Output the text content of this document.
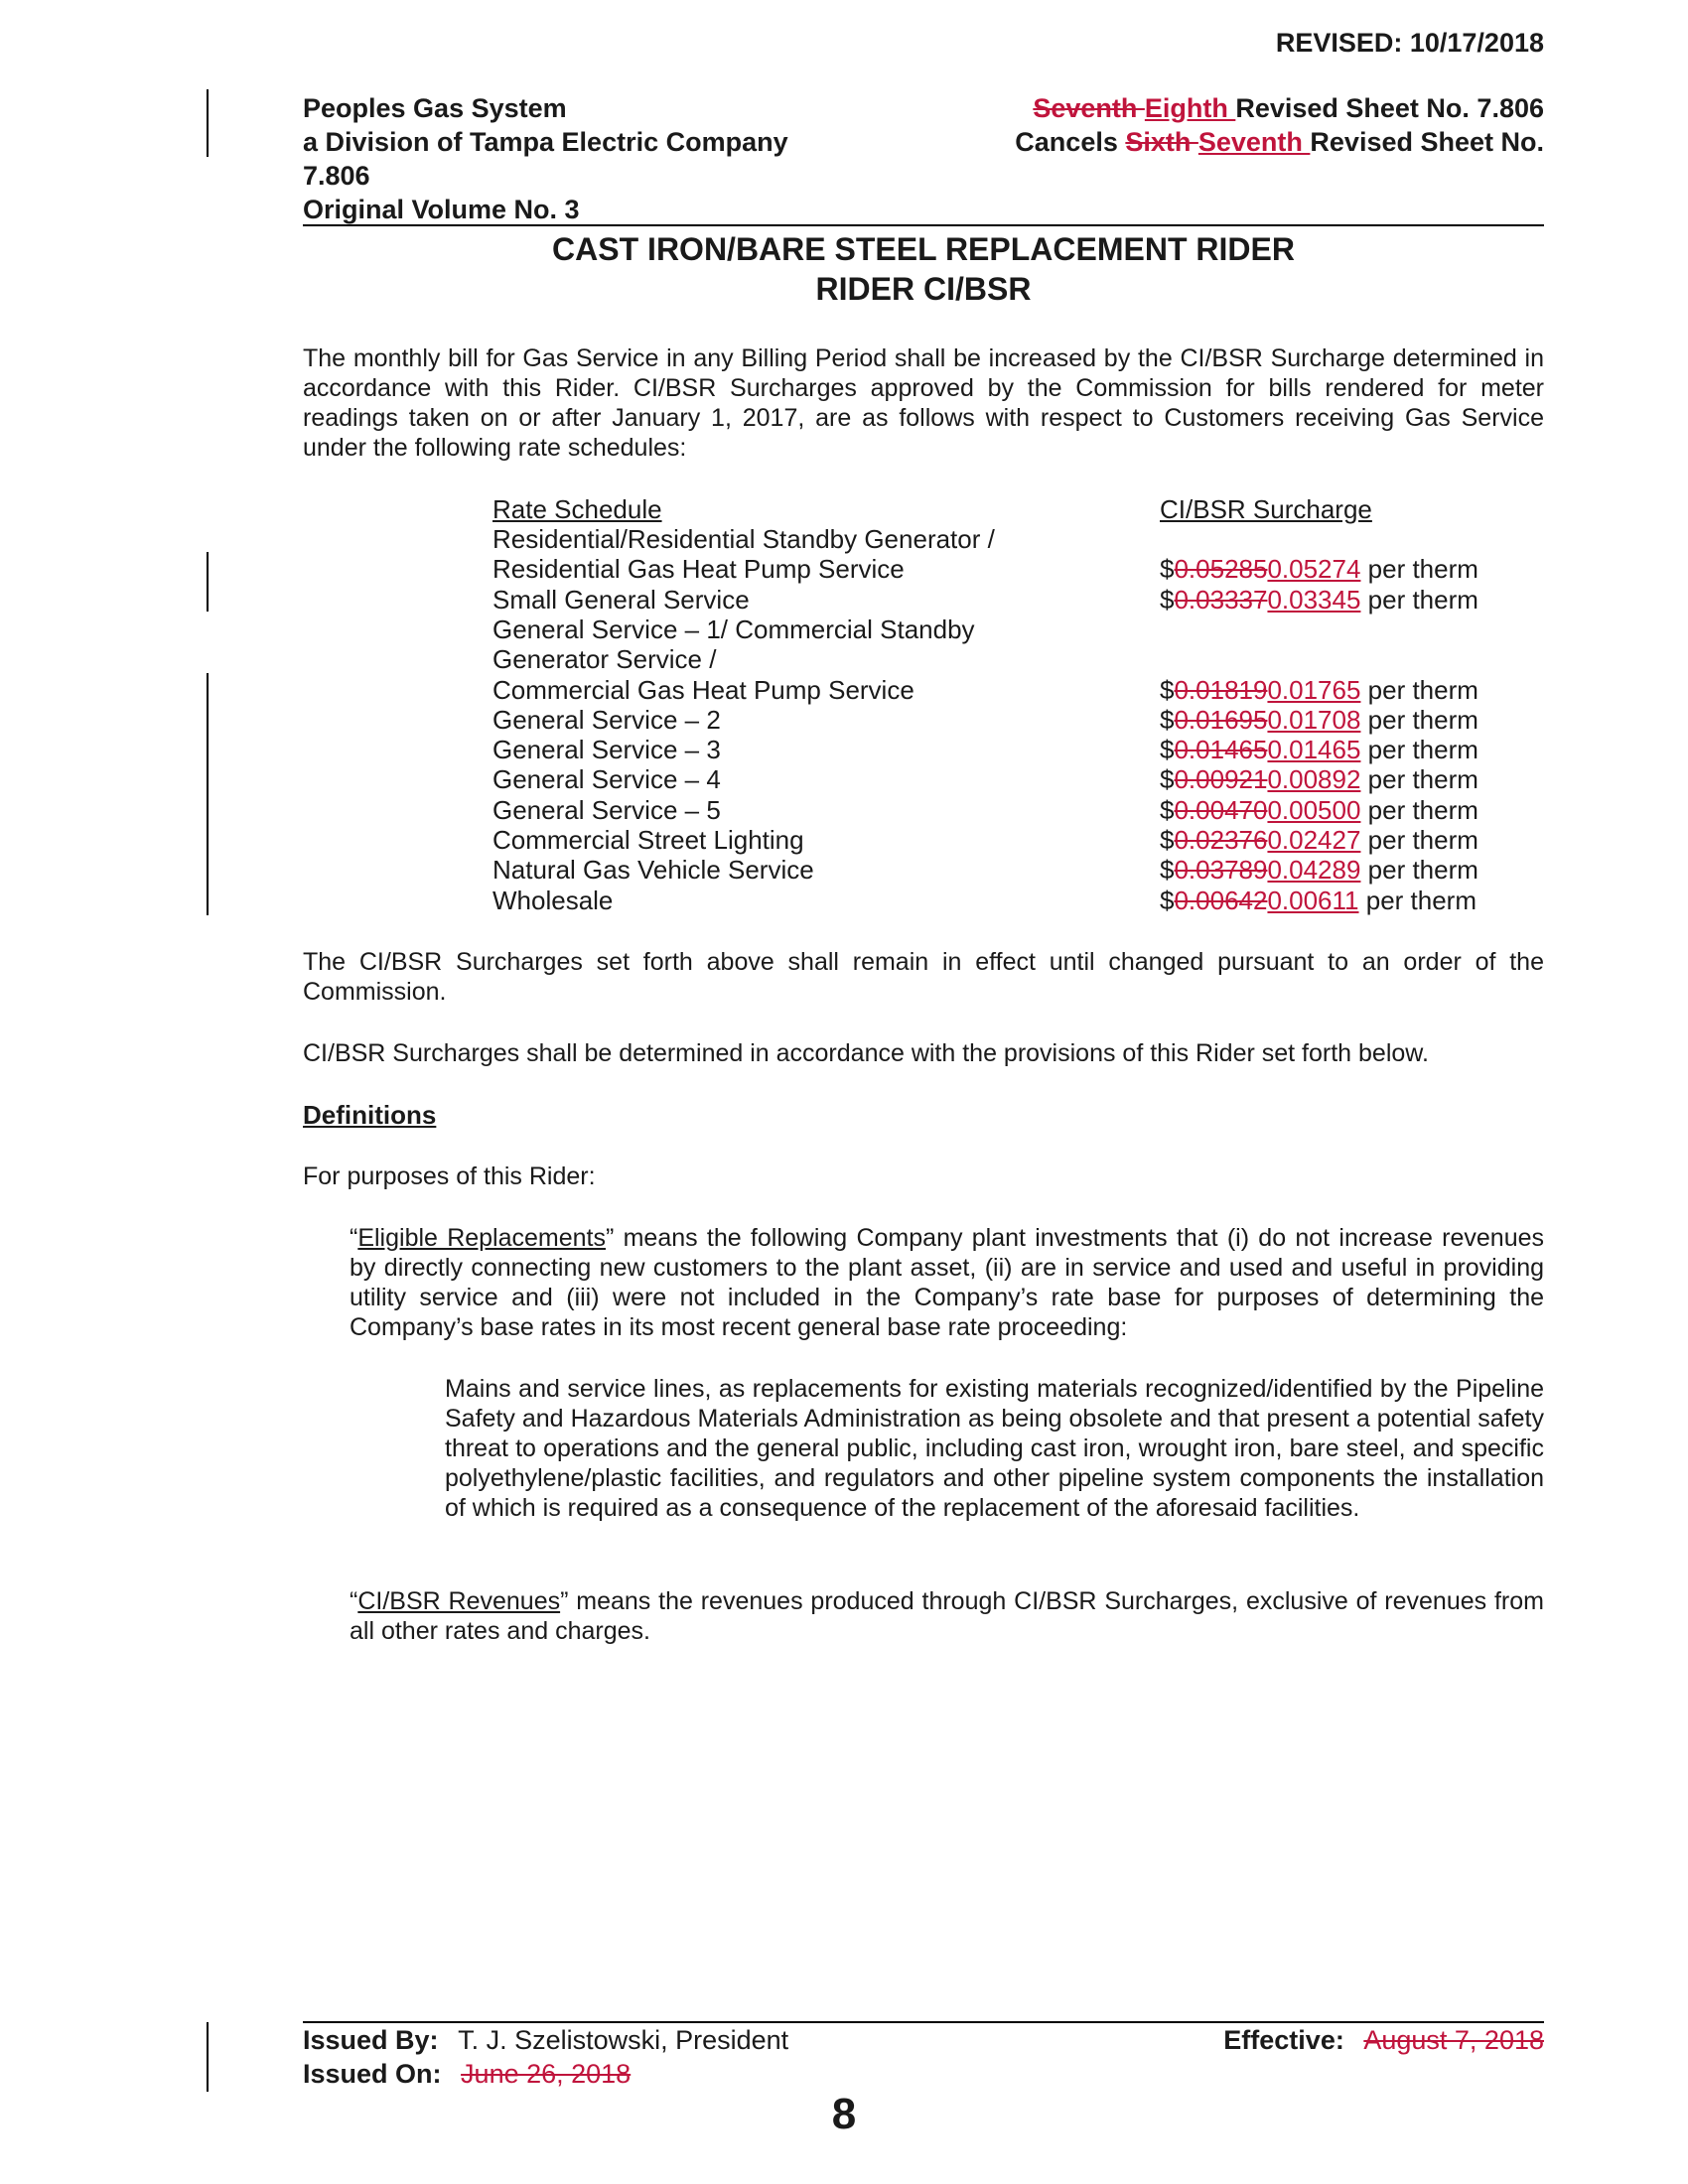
REVISED: 10/17/2018
Peoples Gas System
a Division of Tampa Electric Company
7.806
Original Volume No. 3
Seventh Eighth Revised Sheet No. 7.806
Cancels Sixth Seventh Revised Sheet No.
CAST IRON/BARE STEEL REPLACEMENT RIDER
RIDER CI/BSR
The monthly bill for Gas Service in any Billing Period shall be increased by the CI/BSR Surcharge determined in accordance with this Rider. CI/BSR Surcharges approved by the Commission for bills rendered for meter readings taken on or after January 1, 2017, are as follows with respect to Customers receiving Gas Service under the following rate schedules:
Rate Schedule	CI/BSR Surcharge
Residential/Residential Standby Generator /
Residential Gas Heat Pump Service	$0.052850.05274 per therm
Small General Service	$0.033370.03345 per therm
General Service – 1/ Commercial Standby
Generator Service /
Commercial Gas Heat Pump Service	$0.018190.01765 per therm
General Service – 2	$0.016950.01708 per therm
General Service – 3	$0.014650.01465 per therm
General Service – 4	$0.009210.00892 per therm
General Service – 5	$0.004700.00500 per therm
Commercial Street Lighting	$0.023760.02427 per therm
Natural Gas Vehicle Service	$0.037890.04289 per therm
Wholesale	$0.006420.00611 per therm
The CI/BSR Surcharges set forth above shall remain in effect until changed pursuant to an order of the Commission.
CI/BSR Surcharges shall be determined in accordance with the provisions of this Rider set forth below.
Definitions
For purposes of this Rider:
“Eligible Replacements” means the following Company plant investments that (i) do not increase revenues by directly connecting new customers to the plant asset, (ii) are in service and used and useful in providing utility service and (iii) were not included in the Company’s rate base for purposes of determining the Company’s base rates in its most recent general base rate proceeding:
Mains and service lines, as replacements for existing materials recognized/identified by the Pipeline Safety and Hazardous Materials Administration as being obsolete and that present a potential safety threat to operations and the general public, including cast iron, wrought iron, bare steel, and specific polyethylene/plastic facilities, and regulators and other pipeline system components the installation of which is required as a consequence of the replacement of the aforesaid facilities.
“CI/BSR Revenues” means the revenues produced through CI/BSR Surcharges, exclusive of revenues from all other rates and charges.
Issued By: T. J. Szelistowski, President
Issued On: June 26, 2018
Effective: August 7, 2018
8
